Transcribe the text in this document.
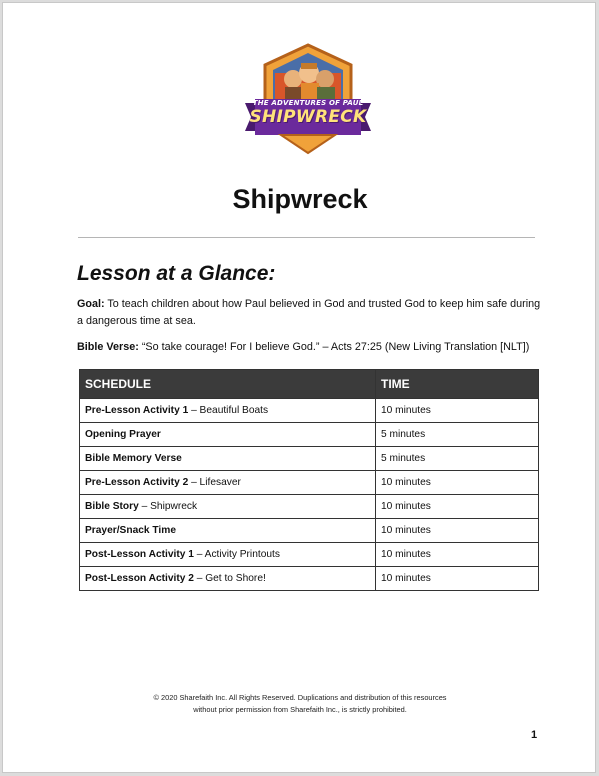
THE ADVENTURES OF PAUL
SHIPWRECK
Shipwreck
Lesson at a Glance:
Goal: To teach children about how Paul believed in God and trusted God to keep him safe during a dangerous time at sea.
Bible Verse: “So take courage! For I believe God.” – Acts 27:25 (New Living Translation [NLT])
SCHEDULE	TIME
Pre-Lesson Activity 1 – Beautiful Boats	10 minutes
Opening Prayer	5 minutes
Bible Memory Verse	5 minutes
Pre-Lesson Activity 2 – Lifesaver	10 minutes
Bible Story – Shipwreck	10 minutes
Prayer/Snack Time	10 minutes
Post-Lesson Activity 1 – Activity Printouts	10 minutes
Post-Lesson Activity 2 – Get to Shore!	10 minutes
© 2020 Sharefaith Inc. All Rights Reserved. Duplications and distribution of this resources
without prior permission from Sharefaith Inc., is strictly prohibited.
1
